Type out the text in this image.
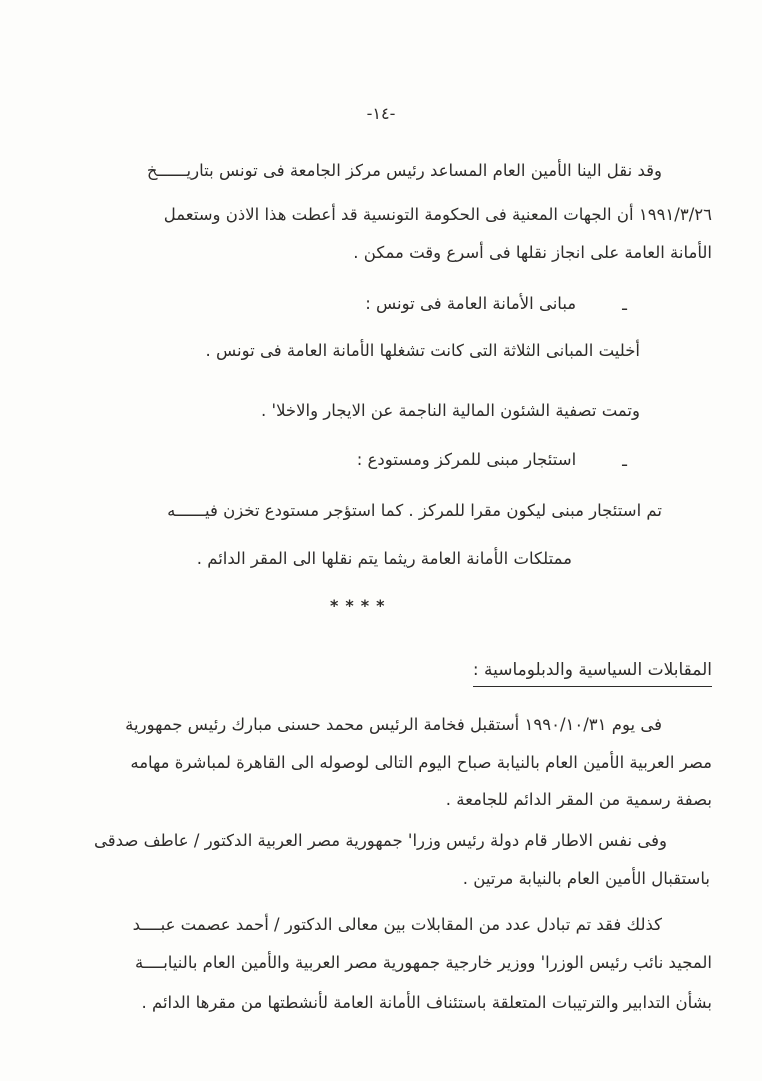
-١٤-
وقد نقل الينا الأمين العام المساعد رئيس مركز الجامعة فى تونس بتاريــــــخ
١٩٩١/٣/٢٦ أن الجهات المعنية فى الحكومة التونسية قد أعطت هذا الاذن وستعمل
الأمانة العامة على انجاز نقلها فى أسرع وقت ممكن .
ـمبانى الأمانة العامة فى تونس :
أخليت المبانى الثلاثة التى كانت تشغلها الأمانة العامة فى تونس .
وتمت تصفية الشئون المالية الناجمة عن الايجار والاخلا' .
ـاستئجار مبنى للمركز ومستودع :
تم استئجار مبنى ليكون مقرا للمركز . كما استؤجر مستودع تخزن فيــــــه
ممتلكات الأمانة العامة ريثما يتم نقلها الى المقر الدائم .
****
المقابلات السياسية والدبلوماسية :
فى يوم ١٩٩٠/١٠/٣١ أستقبل فخامة الرئيس محمد حسنى مبارك رئيس جمهورية
مصر العربية الأمين العام بالنيابة صباح اليوم التالى لوصوله الى القاهرة لمباشرة مهامه
بصفة رسمية من المقر الدائم للجامعة .
وفى نفس الاطار قام دولة رئيس وزرا' جمهورية مصر العربية الدكتور / عاطف صدقى
باستقبال الأمين العام بالنيابة مرتين .
كذلك فقد تم تبادل عدد من المقابلات بين معالى الدكتور / أحمد عصمت عبــــد
المجيد نائب رئيس الوزرا' ووزير خارجية جمهورية مصر العربية والأمين العام بالنيابــــة
بشأن التدابير والترتيبات المتعلقة باستئناف الأمانة العامة لأنشطتها من مقرها الدائم .
